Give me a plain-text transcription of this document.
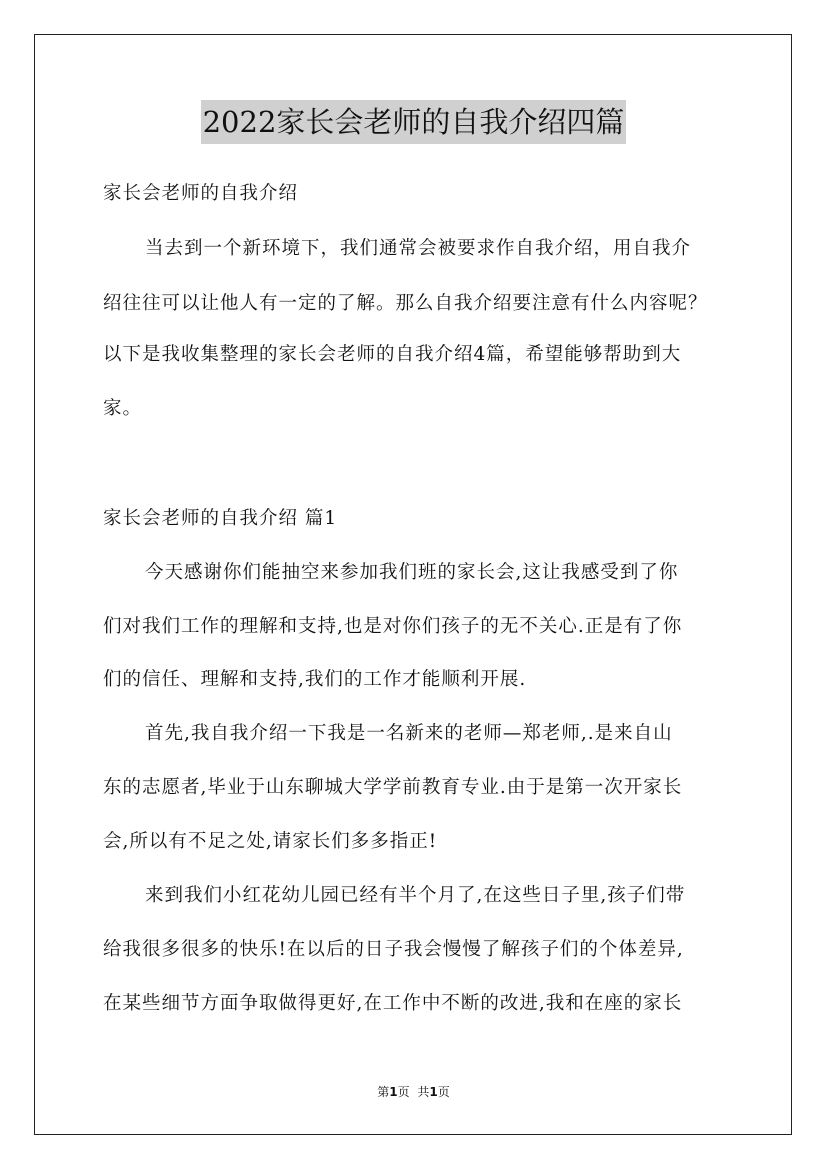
2022家长会老师的自我介绍四篇
家长会老师的自我介绍
当去到一个新环境下，我们通常会被要求作自我介绍，用自我介
绍往往可以让他人有一定的了解。那么自我介绍要注意有什么内容呢？
以下是我收集整理的家长会老师的自我介绍4篇，希望能够帮助到大
家。
家长会老师的自我介绍 篇1
今天感谢你们能抽空来参加我们班的家长会,这让我感受到了你
们对我们工作的理解和支持,也是对你们孩子的无不关心.正是有了你
们的信任、理解和支持,我们的工作才能顺利开展.
首先,我自我介绍一下我是一名新来的老师—郑老师,.是来自山
东的志愿者,毕业于山东聊城大学学前教育专业.由于是第一次开家长
会,所以有不足之处,请家长们多多指正!
来到我们小红花幼儿园已经有半个月了,在这些日子里,孩子们带
给我很多很多的快乐!在以后的日子我会慢慢了解孩子们的个体差异,
在某些细节方面争取做得更好,在工作中不断的改进,我和在座的家长
第1页 共1页
